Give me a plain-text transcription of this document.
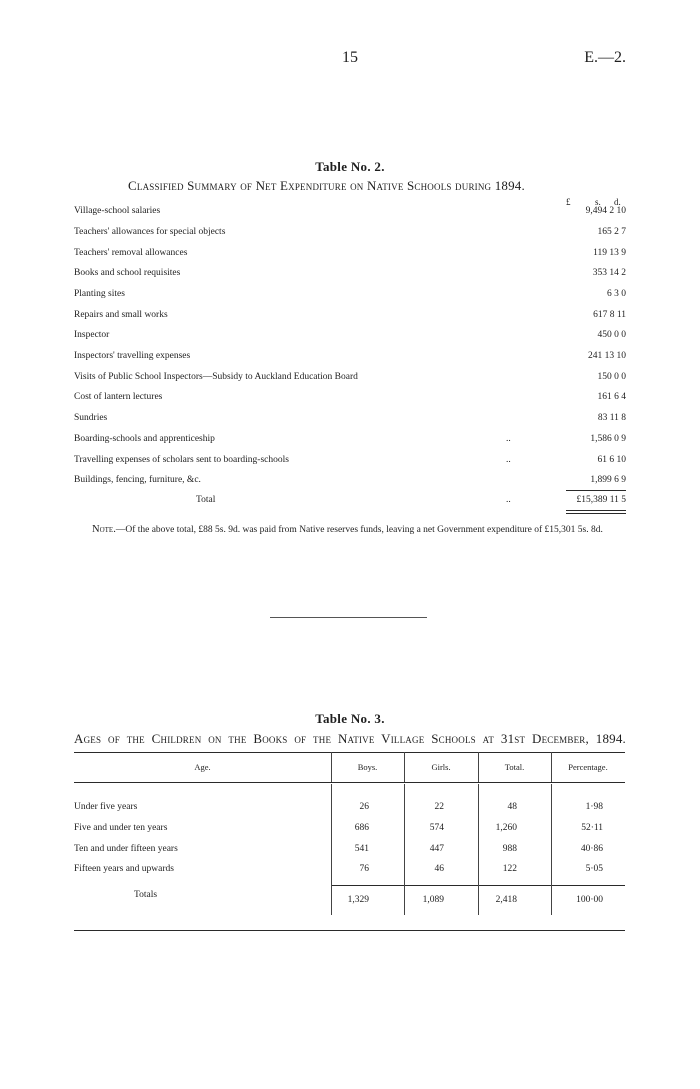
15	E.—2.
Table No. 2.
Classified Summary of Net Expenditure on Native Schools during 1894.
£	s. d.
Village-school salaries	9,494 2 10
Teachers' allowances for special objects	165 2 7
Teachers' removal allowances	119 13 9
Books and school requisites	353 14 2
Planting sites	6 3 0
Repairs and small works	617 8 11
Inspector	450 0 0
Inspectors' travelling expenses	241 13 10
Visits of Public School Inspectors—Subsidy to Auckland Education Board	150 0 0
Cost of lantern lectures	161 6 4
Sundries	83 11 8
Boarding-schools and apprenticeship	..	1,586 0 9
Travelling expenses of scholars sent to boarding-schools	..	61 6 10
Buildings, fencing, furniture, &c.	1,899 6 9
Total	..	£15,389 11 5
Note.—Of the above total, £88 5s. 9d. was paid from Native reserves funds, leaving a net Government expenditure of £15,301 5s. 8d.
Table No. 3.
Ages of the Children on the Books of the Native Village Schools at 31st December, 1894.
Age.	Boys.	Girls.	Total.	Percentage.
Under five years	26	22	48	1·98
Five and under ten years	686	574	1,260	52·11
Ten and under fifteen years	541	447	988	40·86
Fifteen years and upwards	76	46	122	5·05
Totals	1,329	1,089	2,418	100·00
